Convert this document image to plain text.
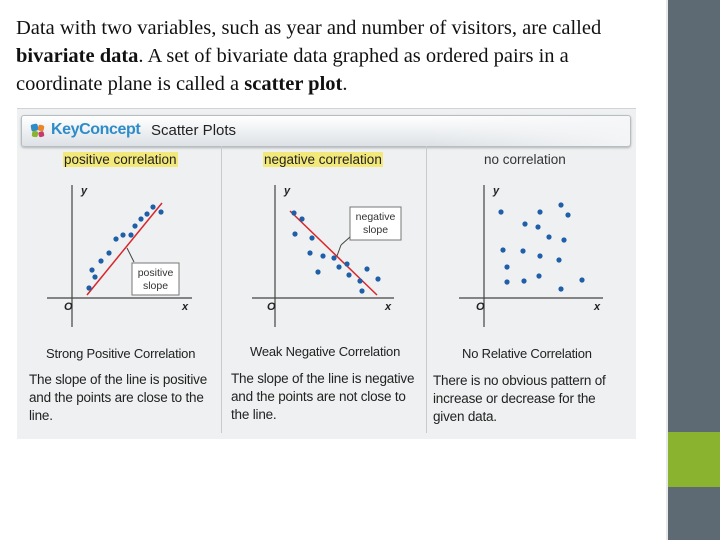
Data with two variables, such as year and number of visitors, are called bivariate data. A set of bivariate data graphed as ordered pairs in a coordinate plane is called a scatter plot.

KeyConcept Scatter Plots
positive correlation	negative correlation	no correlation
y
x
O
positive
slope
y
x
O
negative
slope
y
x
O
Strong Positive Correlation	Weak Negative Correlation	No Relative Correlation
The slope of the line is positive and the points are close to the line.
The slope of the line is negative and the points are not close to the line.
There is no obvious pattern of increase or decrease for the given data.
